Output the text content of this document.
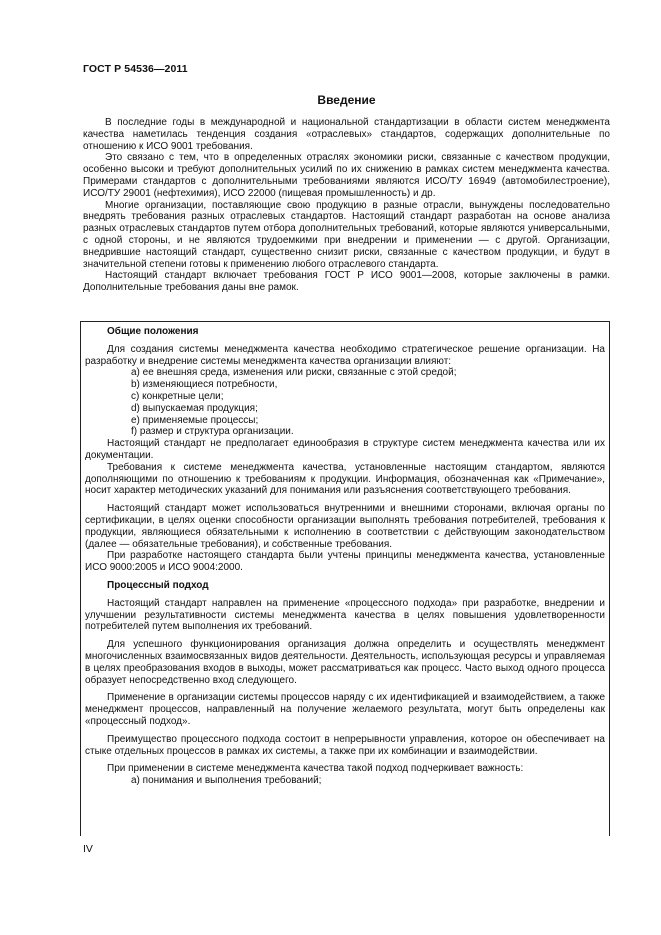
ГОСТ Р 54536—2011
Введение

В последние годы в международной и национальной стандартизации в области систем менеджмента качества наметилась тенденция создания «отраслевых» стандартов, содержащих дополнительные по отношению к ИСО 9001 требования.

Это связано с тем, что в определенных отраслях экономики риски, связанные с качеством продукции, особенно высоки и требуют дополнительных усилий по их снижению в рамках систем менеджмента качества. Примерами стандартов с дополнительными требованиями являются ИСО/ТУ 16949 (автомобилестроение), ИСО/ТУ 29001 (нефтехимия), ИСО 22000 (пищевая промышленность) и др.

Многие организации, поставляющие свою продукцию в разные отрасли, вынуждены последовательно внедрять требования разных отраслевых стандартов. Настоящий стандарт разработан на основе анализа разных отраслевых стандартов путем отбора дополнительных требований, которые являются универсальными, с одной стороны, и не являются трудоемкими при внедрении и применении — с другой. Организации, внедрившие настоящий стандарт, существенно снизит риски, связанные с качеством продукции, и будут в значительной степени готовы к применению любого отраслевого стандарта.

Настоящий стандарт включает требования ГОСТ Р ИСО 9001—2008, которые заключены в рамки. Дополнительные требования даны вне рамок.

Общие положения

Для создания системы менеджмента качества необходимо стратегическое решение организации. На разработку и внедрение системы менеджмента качества организации влияют:

a) ее внешняя среда, изменения или риски, связанные с этой средой;

b) изменяющиеся потребности,

c) конкретные цели;

d) выпускаемая продукция;

e) применяемые процессы;

f) размер и структура организации.

Настоящий стандарт не предполагает единообразия в структуре систем менеджмента качества или их документации.

Требования к системе менеджмента качества, установленные настоящим стандартом, являются дополняющими по отношению к требованиям к продукции. Информация, обозначенная как «Примечание», носит характер методических указаний для понимания или разъяснения соответствующего требования.

Настоящий стандарт может использоваться внутренними и внешними сторонами, включая органы по сертификации, в целях оценки способности организации выполнять требования потребителей, требования к продукции, являющиеся обязательными к исполнению в соответствии с действующим законодательством (далее — обязательные требования), и собственные требования.

При разработке настоящего стандарта были учтены принципы менеджмента качества, установленные ИСО 9000:2005 и ИСО 9004:2000.

Процессный подход

Настоящий стандарт направлен на применение «процессного подхода» при разработке, внедрении и улучшении результативности системы менеджмента качества в целях повышения удовлетворенности потребителей путем выполнения их требований.

Для успешного функционирования организация должна определить и осуществлять менеджмент многочисленных взаимосвязанных видов деятельности. Деятельность, использующая ресурсы и управляемая в целях преобразования входов в выходы, может рассматриваться как процесс. Часто выход одного процесса образует непосредственно вход следующего.

Применение в организации системы процессов наряду с их идентификацией и взаимодействием, а также менеджмент процессов, направленный на получение желаемого результата, могут быть определены как «процессный подход».

Преимущество процессного подхода состоит в непрерывности управления, которое он обеспечивает на стыке отдельных процессов в рамках их системы, а также при их комбинации и взаимодействии.

При применении в системе менеджмента качества такой подход подчеркивает важность:

a) понимания и выполнения требований;

IV
